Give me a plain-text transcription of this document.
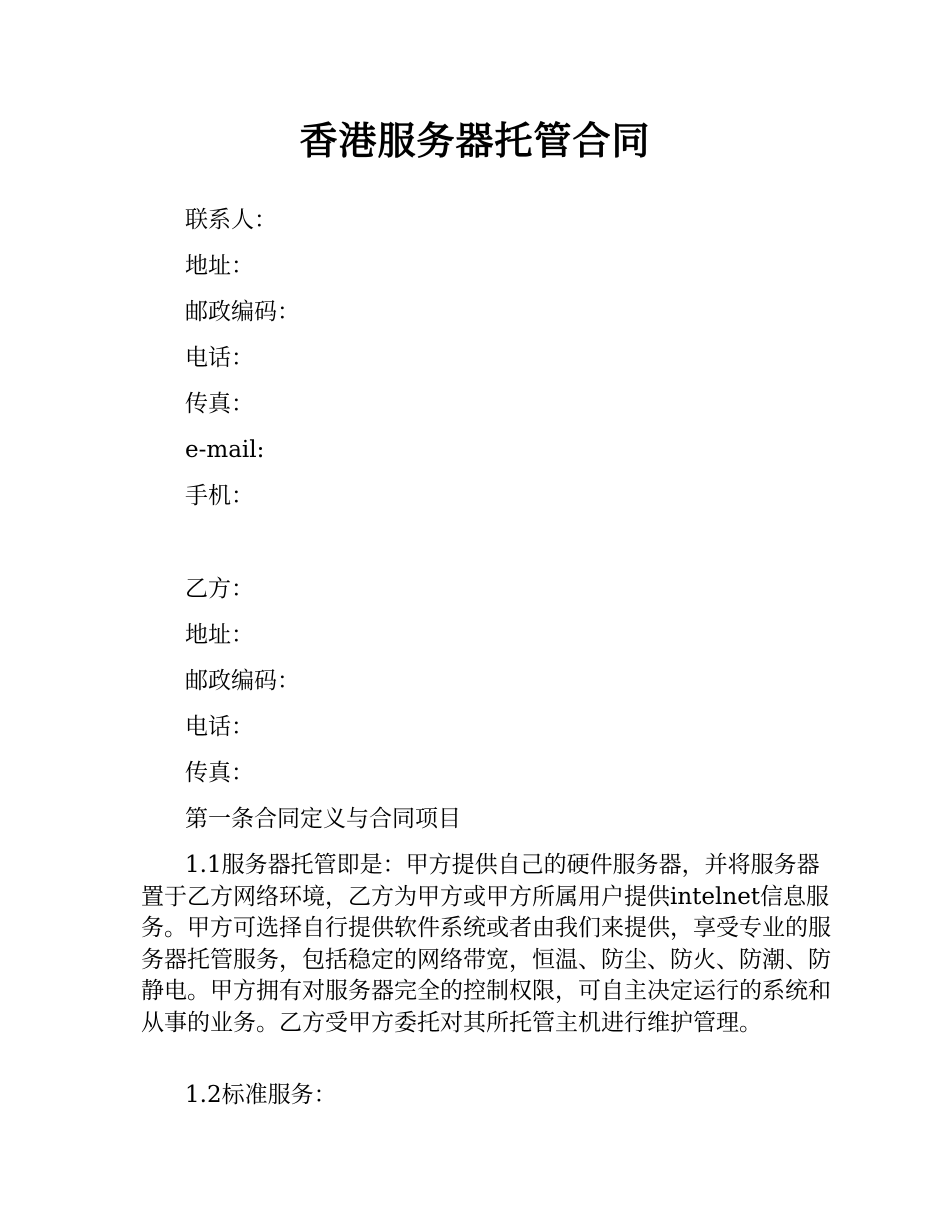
香港服务器托管合同
联系人：
地址：
邮政编码：
电话：
传真：
e-mail:
手机：
乙方：
地址：
邮政编码：
电话：
传真：
第一条合同定义与合同项目
1.1服务器托管即是：甲方提供自己的硬件服务器，并将服务器置于乙方网络环境，乙方为甲方或甲方所属用户提供intelnet信息服务。甲方可选择自行提供软件系统或者由我们来提供，享受专业的服务器托管服务，包括稳定的网络带宽，恒温、防尘、防火、防潮、防静电。甲方拥有对服务器完全的控制权限，可自主决定运行的系统和从事的业务。乙方受甲方委托对其所托管主机进行维护管理。
1.2标准服务：
